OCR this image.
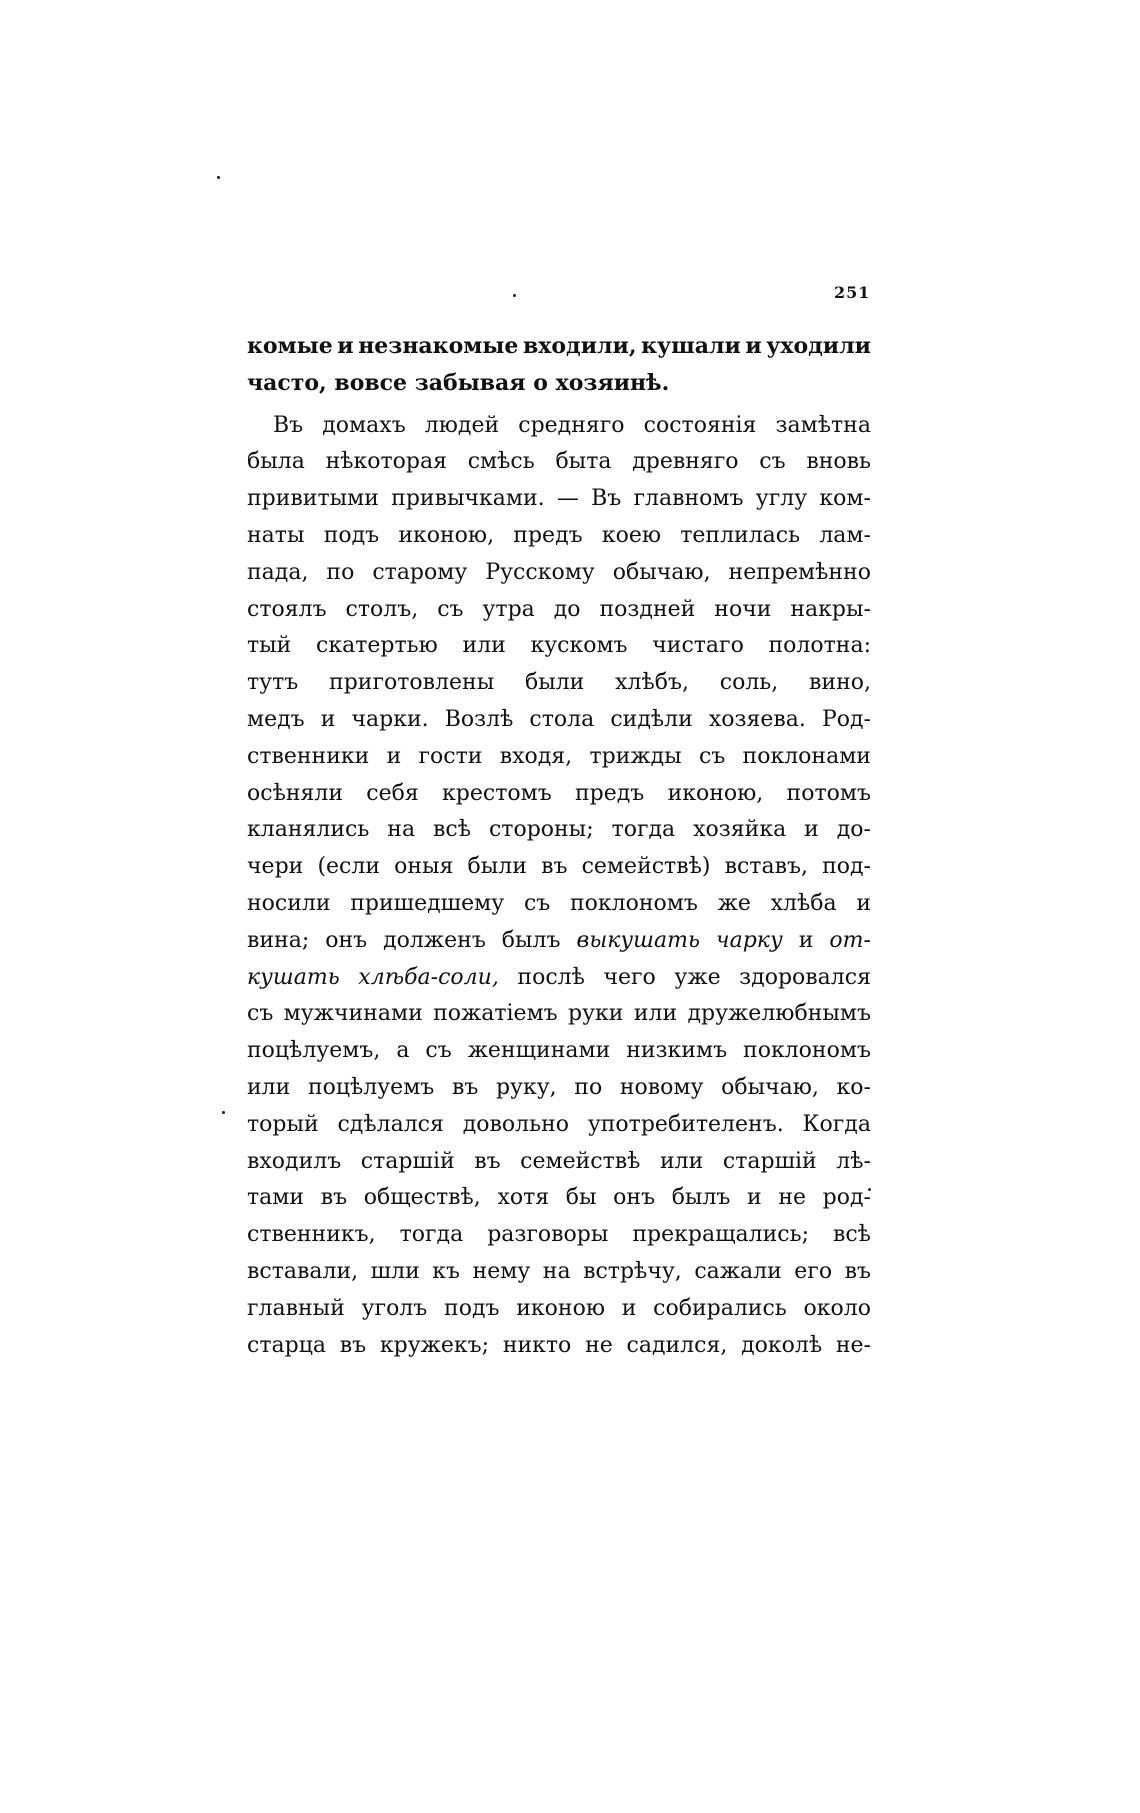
251
комые и незнакомые входили, кушали и уходили
часто, вовсе забывая о хозяинѣ.
Въ домахъ людей средняго состоянія замѣтна
была нѣкоторая смѣсь быта древняго съ вновь
привитыми привычками. — Въ главномъ углу ком-
наты подъ иконою, предъ коею теплилась лам-
пада, по старому Русскому обычаю, непремѣнно
стоялъ столъ, съ утра до поздней ночи накры-
тый скатертью или кускомъ чистаго полотна:
тутъ приготовлены были хлѣбъ, соль, вино,
медъ и чарки. Возлѣ стола сидѣли хозяева. Род-
ственники и гости входя, трижды съ поклонами
осѣняли себя крестомъ предъ иконою, потомъ
кланялись на всѣ стороны; тогда хозяйка и до-
чери (если оныя были въ семействѣ) вставъ, под-
носили пришедшему съ поклономъ же хлѣба и
вина; онъ долженъ былъ выкушать чарку и от-
кушать хлѣба-соли, послѣ чего уже здоровался
съ мужчинами пожатіемъ руки или дружелюбнымъ
поцѣлуемъ, а съ женщинами низкимъ поклономъ
или поцѣлуемъ въ руку, по новому обычаю, ко-
торый сдѣлался довольно употребителенъ. Когда
входилъ старшій въ семействѣ или старшій лѣ-
тами въ обществѣ, хотя бы онъ былъ и не род-
ственникъ, тогда разговоры прекращались; всѣ
вставали, шли къ нему на встрѣчу, сажали его въ
главный уголъ подъ иконою и собирались около
старца въ кружекъ; никто не садился, доколѣ не-
